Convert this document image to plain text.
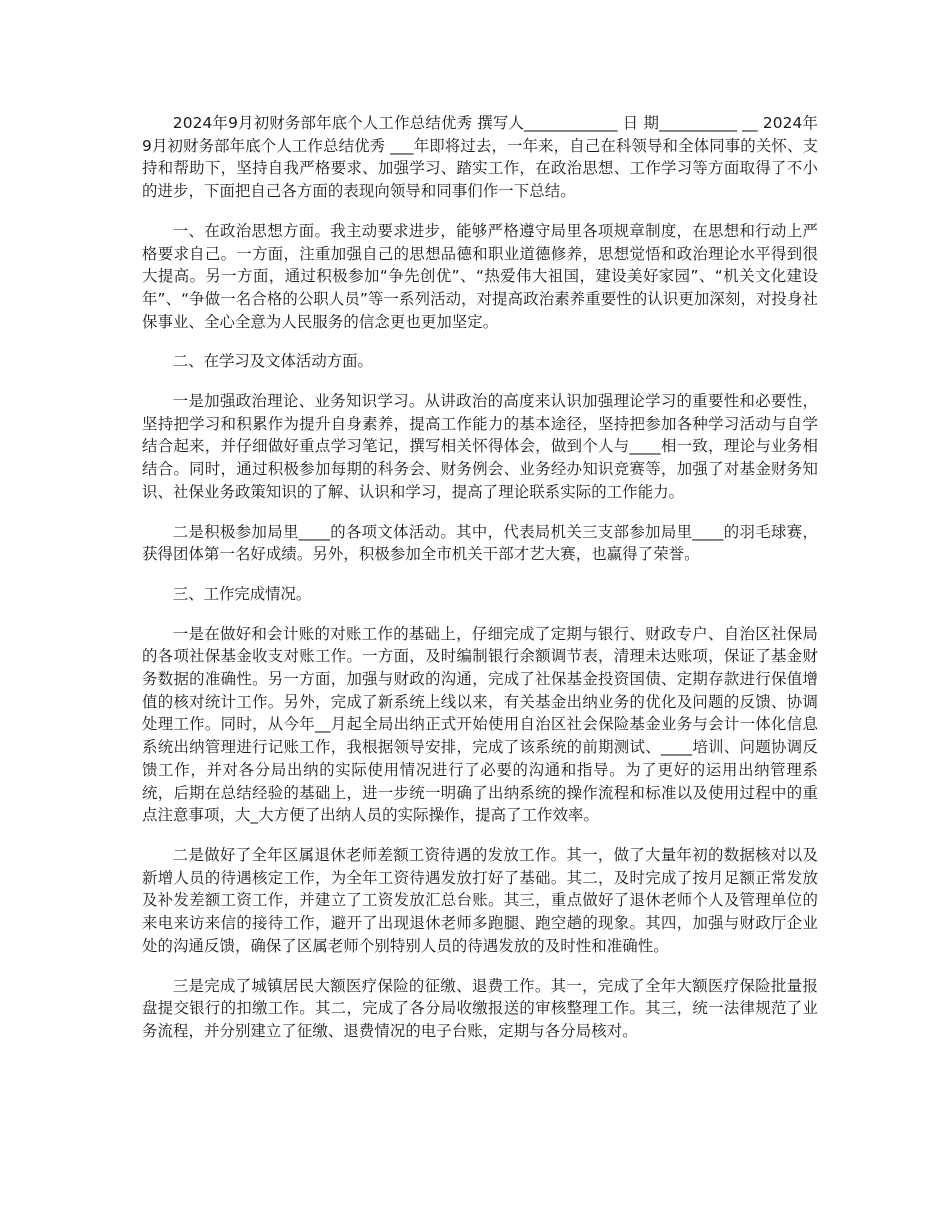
2024年9月初财务部年底个人工作总结优秀 撰写人____________ 日 期__________ __ 2024年9月初财务部年底个人工作总结优秀 ___年即将过去，一年来，自己在科领导和全体同事的关怀、支持和帮助下，坚持自我严格要求、加强学习、踏实工作，在政治思想、工作学习等方面取得了不小的进步，下面把自己各方面的表现向领导和同事们作一下总结。

一、在政治思想方面。我主动要求进步，能够严格遵守局里各项规章制度，在思想和行动上严格要求自己。一方面，注重加强自己的思想品德和职业道德修养，思想觉悟和政治理论水平得到很大提高。另一方面，通过积极参加“争先创优”、“热爱伟大祖国，建设美好家园”、“机关文化建设年”、“争做一名合格的公职人员”等一系列活动，对提高政治素养重要性的认识更加深刻，对投身社保事业、全心全意为人民服务的信念更也更加坚定。

二、在学习及文体活动方面。

一是加强政治理论、业务知识学习。从讲政治的高度来认识加强理论学习的重要性和必要性，坚持把学习和积累作为提升自身素养，提高工作能力的基本途径，坚持把参加各种学习活动与自学结合起来，并仔细做好重点学习笔记，撰写相关怀得体会，做到个人与____相一致，理论与业务相结合。同时，通过积极参加每期的科务会、财务例会、业务经办知识竞赛等，加强了对基金财务知识、社保业务政策知识的了解、认识和学习，提高了理论联系实际的工作能力。

二是积极参加局里____的各项文体活动。其中，代表局机关三支部参加局里____的羽毛球赛，获得团体第一名好成绩。另外，积极参加全市机关干部才艺大赛，也赢得了荣誉。

三、工作完成情况。

一是在做好和会计账的对账工作的基础上，仔细完成了定期与银行、财政专户、自治区社保局的各项社保基金收支对账工作。一方面，及时编制银行余额调节表，清理未达账项，保证了基金财务数据的准确性。另一方面，加强与财政的沟通，完成了社保基金投资国债、定期存款进行保值增值的核对统计工作。另外，完成了新系统上线以来，有关基金出纳业务的优化及问题的反馈、协调处理工作。同时，从今年__月起全局出纳正式开始使用自治区社会保险基金业务与会计一体化信息系统出纳管理进行记账工作，我根据领导安排，完成了该系统的前期测试、____培训、问题协调反馈工作，并对各分局出纳的实际使用情况进行了必要的沟通和指导。为了更好的运用出纳管理系统，后期在总结经验的基础上，进一步统一明确了出纳系统的操作流程和标准以及使用过程中的重点注意事项，大_大方便了出纳人员的实际操作，提高了工作效率。

二是做好了全年区属退休老师差额工资待遇的发放工作。其一，做了大量年初的数据核对以及新增人员的待遇核定工作，为全年工资待遇发放打好了基础。其二，及时完成了按月足额正常发放及补发差额工资工作，并建立了工资发放汇总台账。其三，重点做好了退休老师个人及管理单位的来电来访来信的接待工作，避开了出现退休老师多跑腿、跑空趟的现象。其四，加强与财政厅企业处的沟通反馈，确保了区属老师个别特别人员的待遇发放的及时性和准确性。

三是完成了城镇居民大额医疗保险的征缴、退费工作。其一，完成了全年大额医疗保险批量报盘提交银行的扣缴工作。其二，完成了各分局收缴报送的审核整理工作。其三，统一法律规范了业务流程，并分别建立了征缴、退费情况的电子台账，定期与各分局核对。
